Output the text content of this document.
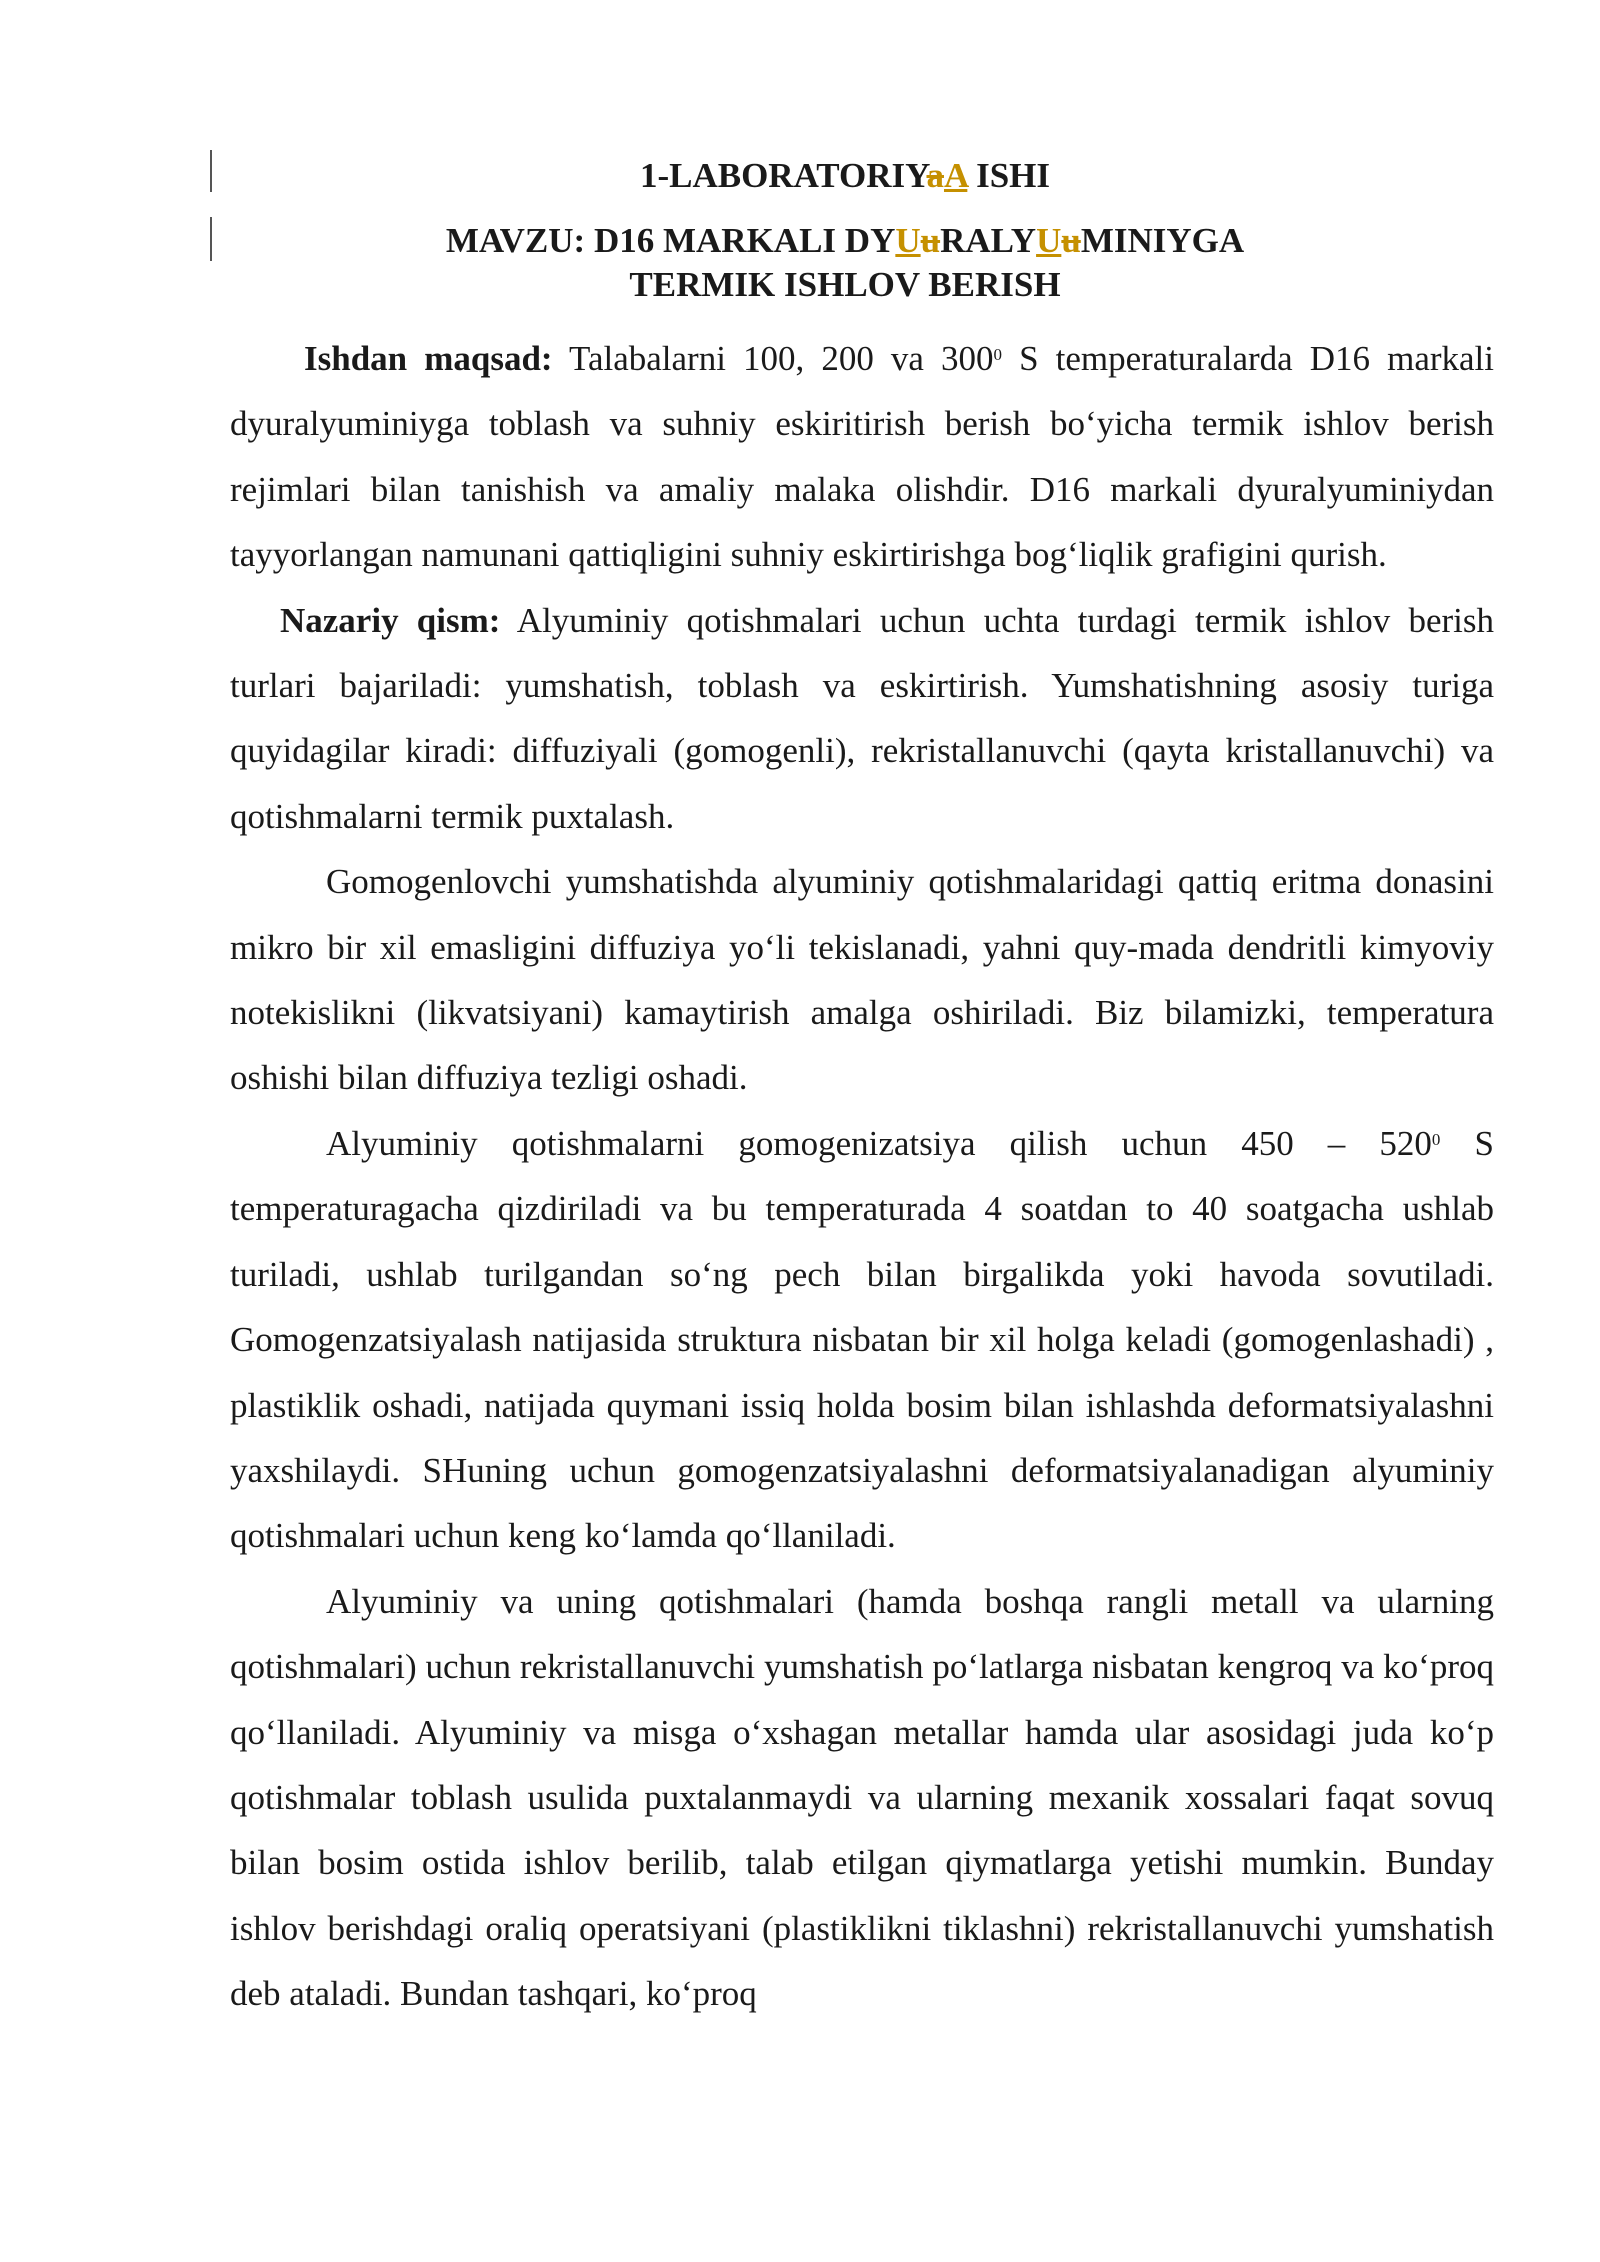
1-LABORATORIYaA ISHI
MAVZU: D16 MARKALI DYUuRALYUuMINIYGA
TERMIK ISHLOV BERISH

Ishdan maqsad: Talabalarni 100, 200 va $300^0$ S temperaturalarda D16 markali dyuralyuminiyga toblash va suhniy eskiritirish berish bo‘yicha termik ishlov berish rejimlari bilan tanishish va amaliy malaka olishdir. D16 markali dyuralyuminiydan tayyorlangan namunani qattiqligini suhniy eskirtirishga bog‘liqlik grafigini qurish.

Nazariy qism: Alyuminiy qotishmalari uchun uchta turdagi termik ishlov berish turlari bajariladi: yumshatish, toblash va eskirtirish. Yumshatishning asosiy turiga quyidagilar kiradi: diffuziyali (gomogenli), rekristallanuvchi (qayta kristallanuvchi) va qotishmalarni termik puxtalash.

Gomogenlovchi yumshatishda alyuminiy qotishmalaridagi qattiq eritma donasini mikro bir xil emasligini diffuziya yo‘li tekislanadi, yahni quy-mada dendritli kimyoviy notekislikni (likvatsiyani) kamaytirish amalga oshiriladi. Biz bilamizki, temperatura oshishi bilan diffuziya tezligi oshadi.

Alyuminiy qotishmalarni gomogenizatsiya qilish uchun $450 - 520^0$ S temperaturagacha qizdiriladi va bu temperaturada 4 soatdan to 40 soatgacha ushlab turiladi, ushlab turilgandan so‘ng pech bilan birgalikda yoki havoda sovutiladi. Gomogenzatsiyalash natijasida struktura nisbatan bir xil holga keladi (gomogenlashadi) , plastiklik oshadi, natijada quymani issiq holda bosim bilan ishlashda deformatsiyalashni yaxshilaydi. SHuning uchun gomogenzatsiyalashni deformatsiyalanadigan alyuminiy qotishmalari uchun keng ko‘lamda qo‘llaniladi.

Alyuminiy va uning qotishmalari (hamda boshqa rangli metall va ularning qotishmalari) uchun rekristallanuvchi yumshatish po‘latlarga nisbatan kengroq va ko‘proq qo‘llaniladi. Alyuminiy va misga o‘xshagan metallar hamda ular asosidagi juda ko‘p qotishmalar toblash usulida puxtalanmaydi va ularning mexanik xossalari faqat sovuq bilan bosim ostida ishlov berilib, talab etilgan qiymatlarga yetishi mumkin. Bunday ishlov berishdagi oraliq operatsiyani (plastiklikni tiklashni) rekristallanuvchi yumshatish deb ataladi. Bundan tashqari, ko‘proq
